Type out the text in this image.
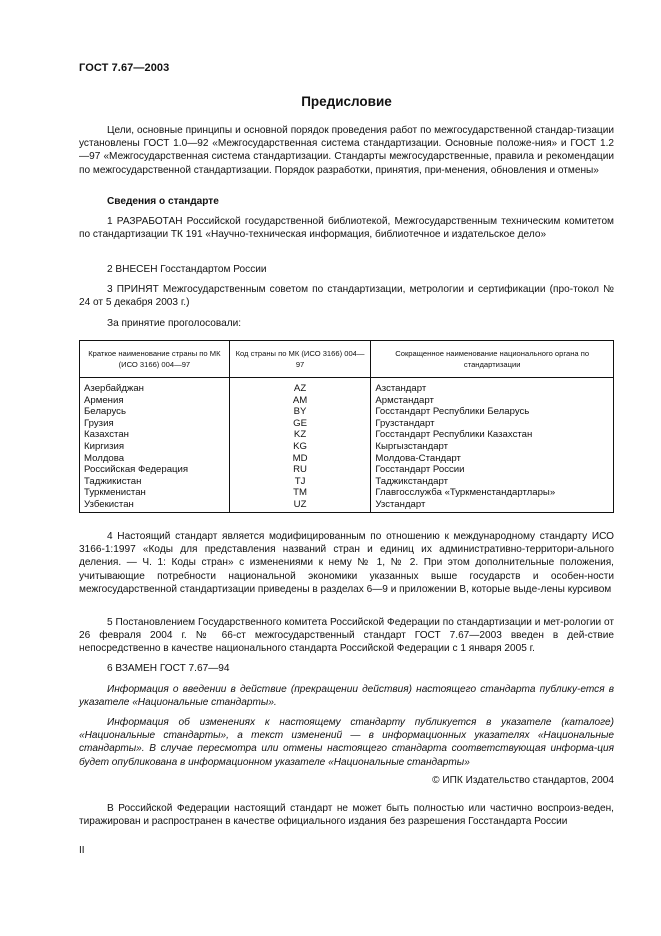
ГОСТ 7.67—2003
Предисловие
Цели, основные принципы и основной порядок проведения работ по межгосударственной стандар-тизации установлены ГОСТ 1.0—92 «Межгосударственная система стандартизации. Основные положе-ния» и ГОСТ 1.2—97 «Межгосударственная система стандартизации. Стандарты межгосударственные, правила и рекомендации по межгосударственной стандартизации. Порядок разработки, принятия, при-менения, обновления и отмены»
Сведения о стандарте
1 РАЗРАБОТАН Российской государственной библиотекой, Межгосударственным техническим комитетом по стандартизации ТК 191 «Научно-техническая информация, библиотечное и издательское дело»
2 ВНЕСЕН Госстандартом России
3 ПРИНЯТ Межгосударственным советом по стандартизации, метрологии и сертификации (про-токол № 24 от 5 декабря 2003 г.)
За принятие проголосовали:
Краткое наименование страны по МК (ИСО 3166) 004—97	Код страны по МК (ИСО 3166) 004—97	Сокращенное наименование национального органа по стандартизации
Азербайджан	AZ	Азстандарт
Армения	AM	Армстандарт
Беларусь	BY	Госстандарт Республики Беларусь
Грузия	GE	Грузстандарт
Казахстан	KZ	Госстандарт Республики Казахстан
Киргизия	KG	Кыргызстандарт
Молдова	MD	Молдова-Стандарт
Российская Федерация	RU	Госстандарт России
Таджикистан	TJ	Таджикстандарт
Туркменистан	TM	Главгосслужба «Туркменстандартлары»
Узбекистан	UZ	Узстандарт
4 Настоящий стандарт является модифицированным по отношению к международному стандарту ИСО 3166-1:1997 «Коды для представления названий стран и единиц их административно-территори-ального деления. — Ч. 1: Коды стран» с изменениями к нему № 1, № 2. При этом дополнительные положения, учитывающие потребности национальной экономики указанных выше государств и особен-ности межгосударственной стандартизации приведены в разделах 6—9 и приложении В, которые выде-лены курсивом
5 Постановлением Государственного комитета Российской Федерации по стандартизации и мет-рологии от 26 февраля 2004 г. № 66-ст межгосударственный стандарт ГОСТ 7.67—2003 введен в дей-ствие непосредственно в качестве национального стандарта Российской Федерации с 1 января 2005 г.
6 ВЗАМЕН ГОСТ 7.67—94
Информация о введении в действие (прекращении действия) настоящего стандарта публику-ется в указателе «Национальные стандарты».
Информация об изменениях к настоящему стандарту публикуется в указателе (каталоге) «Национальные стандарты», а текст изменений — в информационных указателях «Национальные стандарты». В случае пересмотра или отмены настоящего стандарта соответствующая информа-ция будет опубликована в информационном указателе «Национальные стандарты»
© ИПК Издательство стандартов, 2004
В Российской Федерации настоящий стандарт не может быть полностью или частично воспроиз-веден, тиражирован и распространен в качестве официального издания без разрешения Госстандарта России
II
